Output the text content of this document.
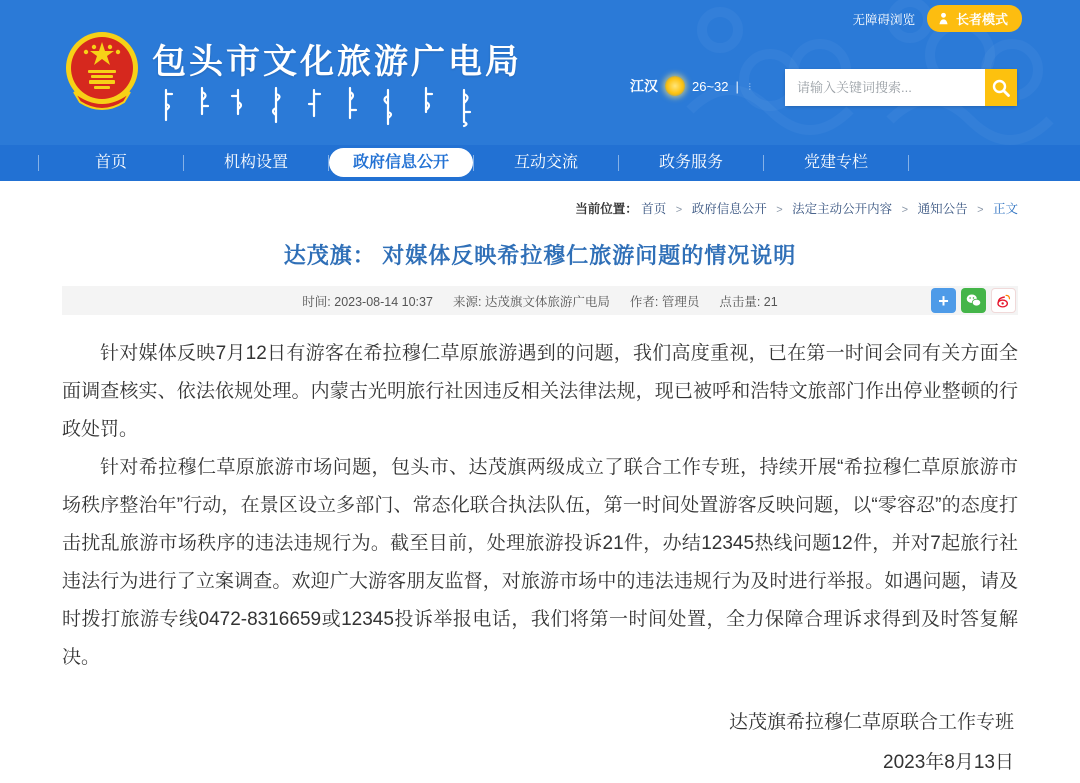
无障碍浏览	长者模式
包头市文化旅游广电局
江汉	26~32 | ⋮
请输入关键词搜索...
首页	机构设置	政府信息公开	互动交流	政务服务	党建专栏
当前位置： 首页 > 政府信息公开 > 法定主动公开内容 > 通知公告 > 正文
达茂旗： 对媒体反映希拉穆仁旅游问题的情况说明
时间: 2023-08-14 10:37 来源: 达茂旗文体旅游广电局 作者: 管理员 点击量: 21	+

针对媒体反映7月12日有游客在希拉穆仁草原旅游遇到的问题，我们高度重视，已在第一时间会同有关方面全面调查核实、依法依规处理。内蒙古光明旅行社因违反相关法律法规，现已被呼和浩特文旅部门作出停业整顿的行政处罚。

针对希拉穆仁草原旅游市场问题，包头市、达茂旗两级成立了联合工作专班，持续开展“希拉穆仁草原旅游市场秩序整治年”行动，在景区设立多部门、常态化联合执法队伍，第一时间处置游客反映问题，以“零容忍”的态度打击扰乱旅游市场秩序的违法违规行为。截至目前，处理旅游投诉21件，办结12345热线问题12件，并对7起旅行社违法行为进行了立案调查。欢迎广大游客朋友监督，对旅游市场中的违法违规行为及时进行举报。如遇问题，请及时拨打旅游专线0472-8316659或12345投诉举报电话，我们将第一时间处置，全力保障合理诉求得到及时答复解决。

达茂旗希拉穆仁草原联合工作专班
2023年8月13日
